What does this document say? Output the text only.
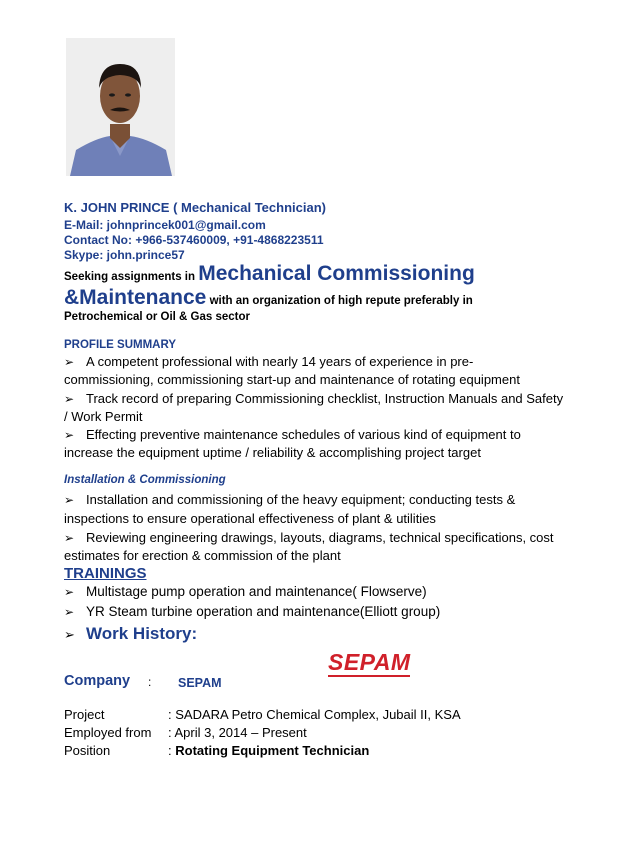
K. JOHN PRINCE ( Mechanical Technician)
E-Mail: johnprincek001@gmail.com
Contact No: +966-537460009, +91-4868223511
Skype: john.prince57
Seeking assignments in Mechanical Commissioning
&Maintenance with an organization of high repute preferably in
Petrochemical or Oil & Gas sector
PROFILE SUMMARY
➢ A competent professional with nearly 14 years of experience in pre-
commissioning, commissioning start-up and maintenance of rotating equipment
➢ Track record of preparing Commissioning checklist, Instruction Manuals and Safety
/ Work Permit
➢ Effecting preventive maintenance schedules of various kind of equipment to
increase the equipment uptime / reliability & accomplishing project target
Installation & Commissioning
➢ Installation and commissioning of the heavy equipment; conducting tests &
inspections to ensure operational effectiveness of plant & utilities
➢ Reviewing engineering drawings, layouts, diagrams, technical specifications, cost
estimates for erection & commission of the plant
TRAININGS
➢ Multistage pump operation and maintenance( Flowserve)
➢ YR Steam turbine operation and maintenance(Elliott group)
➢ Work History:
Company : SEPAM
SEPAM
Project	: SADARA Petro Chemical Complex, Jubail II, KSA
Employed from : April 3, 2014 – Present
Position	: Rotating Equipment Technician
